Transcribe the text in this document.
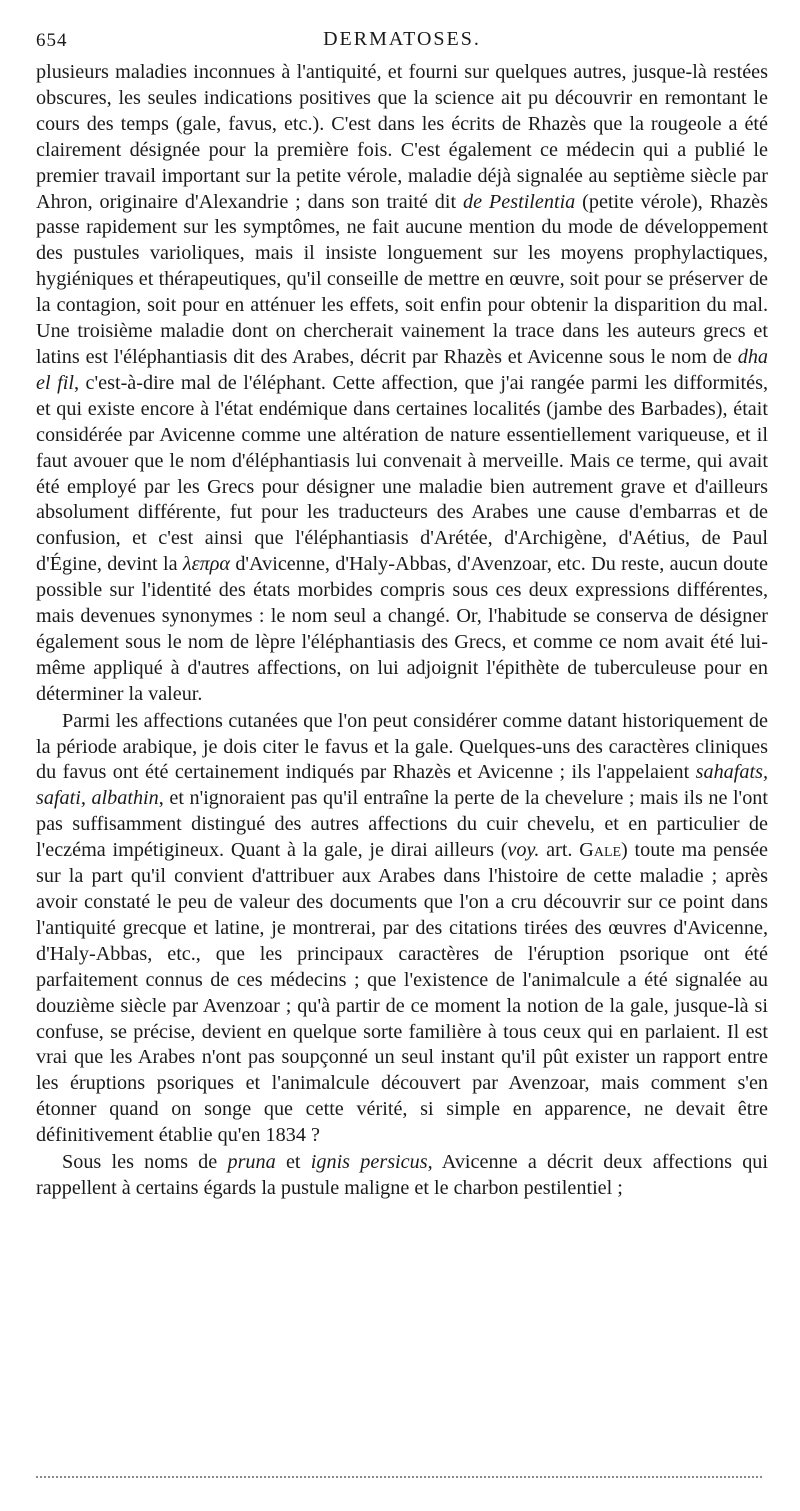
654	DERMATOSES.

plusieurs maladies inconnues à l'antiquité, et fourni sur quelques autres, jusque-là restées obscures, les seules indications positives que la science ait pu découvrir en remontant le cours des temps (gale, favus, etc.). C'est dans les écrits de Rhazès que la rougeole a été clairement désignée pour la première fois. C'est également ce médecin qui a publié le premier travail important sur la petite vérole, maladie déjà signalée au septième siècle par Ahron, originaire d'Alexandrie ; dans son traité dit de Pestilentia (petite vérole), Rhazès passe rapidement sur les symptômes, ne fait aucune mention du mode de développement des pustules varioliques, mais il insiste longuement sur les moyens prophylactiques, hygiéniques et thérapeutiques, qu'il conseille de mettre en œuvre, soit pour se préserver de la contagion, soit pour en atténuer les effets, soit enfin pour obtenir la disparition du mal. Une troisième maladie dont on chercherait vainement la trace dans les auteurs grecs et latins est l'éléphantiasis dit des Arabes, décrit par Rhazès et Avicenne sous le nom de dha el fil, c'est-à-dire mal de l'éléphant. Cette affection, que j'ai rangée parmi les difformités, et qui existe encore à l'état endémique dans certaines localités (jambe des Barbades), était considérée par Avicenne comme une altération de nature essentiellement variqueuse, et il faut avouer que le nom d'éléphantiasis lui convenait à merveille. Mais ce terme, qui avait été employé par les Grecs pour désigner une maladie bien autrement grave et d'ailleurs absolument différente, fut pour les traducteurs des Arabes une cause d'embarras et de confusion, et c'est ainsi que l'éléphantiasis d'Arétée, d'Archigène, d'Aétius, de Paul d'Égine, devint la λεπρα d'Avicenne, d'Haly-Abbas, d'Avenzoar, etc. Du reste, aucun doute possible sur l'identité des états morbides compris sous ces deux expressions différentes, mais devenues synonymes : le nom seul a changé. Or, l'habitude se conserva de désigner également sous le nom de lèpre l'éléphantiasis des Grecs, et comme ce nom avait été lui-même appliqué à d'autres affections, on lui adjoignit l'épithète de tuberculeuse pour en déterminer la valeur.

Parmi les affections cutanées que l'on peut considérer comme datant historiquement de la période arabique, je dois citer le favus et la gale. Quelques-uns des caractères cliniques du favus ont été certainement indiqués par Rhazès et Avicenne ; ils l'appelaient sahafats, safati, albathin, et n'ignoraient pas qu'il entraîne la perte de la chevelure ; mais ils ne l'ont pas suffisamment distingué des autres affections du cuir chevelu, et en particulier de l'eczéma impétigineux. Quant à la gale, je dirai ailleurs (voy. art. Gale) toute ma pensée sur la part qu'il convient d'attribuer aux Arabes dans l'histoire de cette maladie ; après avoir constaté le peu de valeur des documents que l'on a cru découvrir sur ce point dans l'antiquité grecque et latine, je montrerai, par des citations tirées des œuvres d'Avicenne, d'Haly-Abbas, etc., que les principaux caractères de l'éruption psorique ont été parfaitement connus de ces médecins ; que l'existence de l'animalcule a été signalée au douzième siècle par Avenzoar ; qu'à partir de ce moment la notion de la gale, jusque-là si confuse, se précise, devient en quelque sorte familière à tous ceux qui en parlaient. Il est vrai que les Arabes n'ont pas soupçonné un seul instant qu'il pût exister un rapport entre les éruptions psoriques et l'animalcule découvert par Avenzoar, mais comment s'en étonner quand on songe que cette vérité, si simple en apparence, ne devait être définitivement établie qu'en 1834 ?

Sous les noms de pruna et ignis persicus, Avicenne a décrit deux affections qui rappellent à certains égards la pustule maligne et le charbon pestilentiel ;
